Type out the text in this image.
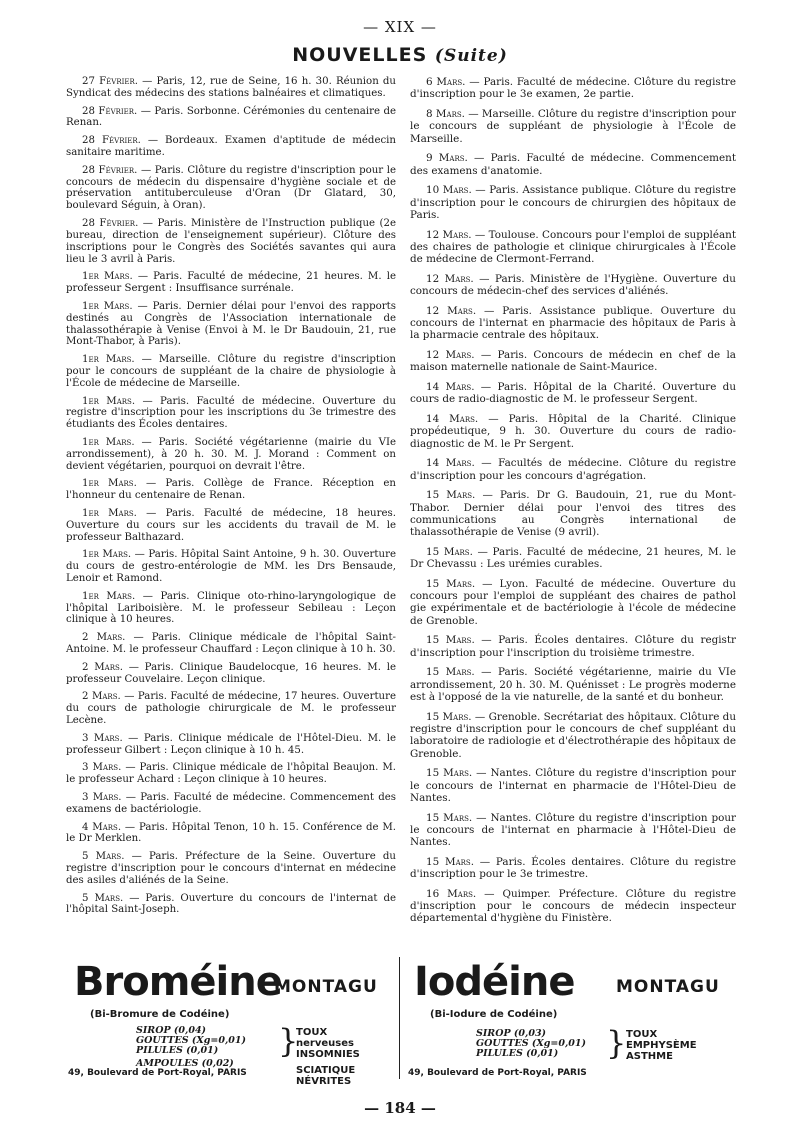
— XIX —
NOUVELLES (Suite)

27 Février. — Paris, 12, rue de Seine, 16 h. 30. Réunion du Syndicat des médecins des stations balnéaires et climatiques.

28 Février. — Paris. Sorbonne. Cérémonies du centenaire de Renan.

28 Février. — Bordeaux. Examen d'aptitude de médecin sanitaire maritime.

28 Février. — Paris. Clôture du registre d'inscription pour le concours de médecin du dispensaire d'hygiène sociale et de préservation antituberculeuse d'Oran (Dr Glatard, 30, boulevard Séguin, à Oran).

28 Février. — Paris. Ministère de l'Instruction publique (2e bureau, direction de l'enseignement supérieur). Clôture des inscriptions pour le Congrès des Sociétés savantes qui aura lieu le 3 avril à Paris.

1er Mars. — Paris. Faculté de médecine, 21 heures. M. le professeur Sergent : Insuffisance surrénale.

1er Mars. — Paris. Dernier délai pour l'envoi des rapports destinés au Congrès de l'Association internationale de thalassothérapie à Venise (Envoi à M. le Dr Baudouin, 21, rue Mont-Thabor, à Paris).

1er Mars. — Marseille. Clôture du registre d'inscription pour le concours de suppléant de la chaire de physiologie à l'École de médecine de Marseille.

1er Mars. — Paris. Faculté de médecine. Ouverture du registre d'inscription pour les inscriptions du 3e trimestre des étudiants des Écoles dentaires.

1er Mars. — Paris. Société végétarienne (mairie du VIe arrondissement), à 20 h. 30. M. J. Morand : Comment on devient végétarien, pourquoi on devrait l'être.

1er Mars. — Paris. Collège de France. Réception en l'honneur du centenaire de Renan.

1er Mars. — Paris. Faculté de médecine, 18 heures. Ouverture du cours sur les accidents du travail de M. le professeur Balthazard.

1er Mars. — Paris. Hôpital Saint Antoine, 9 h. 30. Ouverture du cours de gestro-entérologie de MM. les Drs Bensaude, Lenoir et Ramond.

1er Mars. — Paris. Clinique oto-rhino-laryngologique de l'hôpital Lariboisière. M. le professeur Sebileau : Leçon clinique à 10 heures.

2 Mars. — Paris. Clinique médicale de l'hôpital Saint-Antoine. M. le professeur Chauffard : Leçon clinique à 10 h. 30.

2 Mars. — Paris. Clinique Baudelocque, 16 heures. M. le professeur Couvelaire. Leçon clinique.

2 Mars. — Paris. Faculté de médecine, 17 heures. Ouverture du cours de pathologie chirurgicale de M. le professeur Lecène.

3 Mars. — Paris. Clinique médicale de l'Hôtel-Dieu. M. le professeur Gilbert : Leçon clinique à 10 h. 45.

3 Mars. — Paris. Clinique médicale de l'hôpital Beaujon. M. le professeur Achard : Leçon clinique à 10 heures.

3 Mars. — Paris. Faculté de médecine. Commencement des examens de bactériologie.

4 Mars. — Paris. Hôpital Tenon, 10 h. 15. Conférence de M. le Dr Merklen.

5 Mars. — Paris. Préfecture de la Seine. Ouverture du registre d'inscription pour le concours d'internat en médecine des asiles d'aliénés de la Seine.

5 Mars. — Paris. Ouverture du concours de l'internat de l'hôpital Saint-Joseph.

6 Mars. — Paris. Faculté de médecine. Clôture du registre d'inscription pour le 3e examen, 2e partie.

8 Mars. — Marseille. Clôture du registre d'inscription pour le concours de suppléant de physiologie à l'École de Marseille.

9 Mars. — Paris. Faculté de médecine. Commencement des examens d'anatomie.

10 Mars. — Paris. Assistance publique. Clôture du registre d'inscription pour le concours de chirurgien des hôpitaux de Paris.

12 Mars. — Toulouse. Concours pour l'emploi de suppléant des chaires de pathologie et clinique chirurgicales à l'École de médecine de Clermont-Ferrand.

12 Mars. — Paris. Ministère de l'Hygiène. Ouverture du concours de médecin-chef des services d'aliénés.

12 Mars. — Paris. Assistance publique. Ouverture du concours de l'internat en pharmacie des hôpitaux de Paris à la pharmacie centrale des hôpitaux.

12 Mars. — Paris. Concours de médecin en chef de la maison maternelle nationale de Saint-Maurice.

14 Mars. — Paris. Hôpital de la Charité. Ouverture du cours de radio-diagnostic de M. le professeur Sergent.

14 Mars. — Paris. Hôpital de la Charité. Clinique propédeutique, 9 h. 30. Ouverture du cours de radio-diagnostic de M. le Pr Sergent.

14 Mars. — Facultés de médecine. Clôture du registre d'inscription pour les concours d'agrégation.

15 Mars. — Paris. Dr G. Baudouin, 21, rue du Mont-Thabor. Dernier délai pour l'envoi des titres des communications au Congrès international de thalassothérapie de Venise (9 avril).

15 Mars. — Paris. Faculté de médecine, 21 heures, M. le Dr Chevassu : Les urémies curables.

15 Mars. — Lyon. Faculté de médecine. Ouverture du concours pour l'emploi de suppléant des chaires de pathol gie expérimentale et de bactériologie à l'école de médecine de Grenoble.

15 Mars. — Paris. Écoles dentaires. Clôture du registr d'inscription pour l'inscription du troisième trimestre.

15 Mars. — Paris. Société végétarienne, mairie du VIe arrondissement, 20 h. 30. M. Quénisset : Le progrès moderne est à l'opposé de la vie naturelle, de la santé et du bonheur.

15 Mars. — Grenoble. Secrétariat des hôpitaux. Clôture du registre d'inscription pour le concours de chef suppléant du laboratoire de radiologie et d'électrothérapie des hôpitaux de Grenoble.

15 Mars. — Nantes. Clôture du registre d'inscription pour le concours de l'internat en pharmacie de l'Hôtel-Dieu de Nantes.

15 Mars. — Nantes. Clôture du registre d'inscription pour le concours de l'internat en pharmacie à l'Hôtel-Dieu de Nantes.

15 Mars. — Paris. Écoles dentaires. Clôture du registre d'inscription pour le 3e trimestre.

16 Mars. — Quimper. Préfecture. Clôture du registre d'inscription pour le concours de médecin inspecteur départemental d'hygiène du Finistère.

Broméine
MONTAGU
(Bi-Bromure de Codéine)
SIROP (0,04)
GOUTTES (Xg=0,01)
PILULES (0,01)
AMPOULES (0,02)
}
TOUX nerveuses
INSOMNIES
SCIATIQUE
NÉVRITES
49, Boulevard de Port-Royal, PARIS
Iodéine MONTAGU
(Bi-Iodure de Codéine)
SIROP (0,03)
GOUTTES (Xg=0,01)
PILULES (0,01)	} TOUX
EMPHYSÈME
ASTHME
49, Boulevard de Port-Royal, PARIS
— 184 —
